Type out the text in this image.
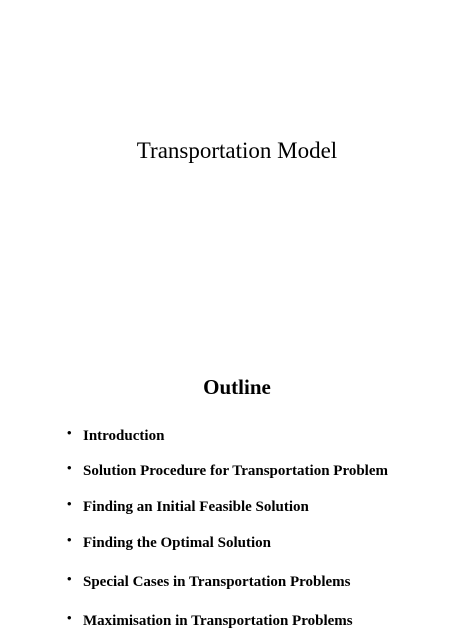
Transportation Model
Outline
• Introduction
• Solution Procedure for Transportation Problem
• Finding an Initial Feasible Solution
• Finding the Optimal Solution
• Special Cases in Transportation Problems
• Maximisation in Transportation Problems
